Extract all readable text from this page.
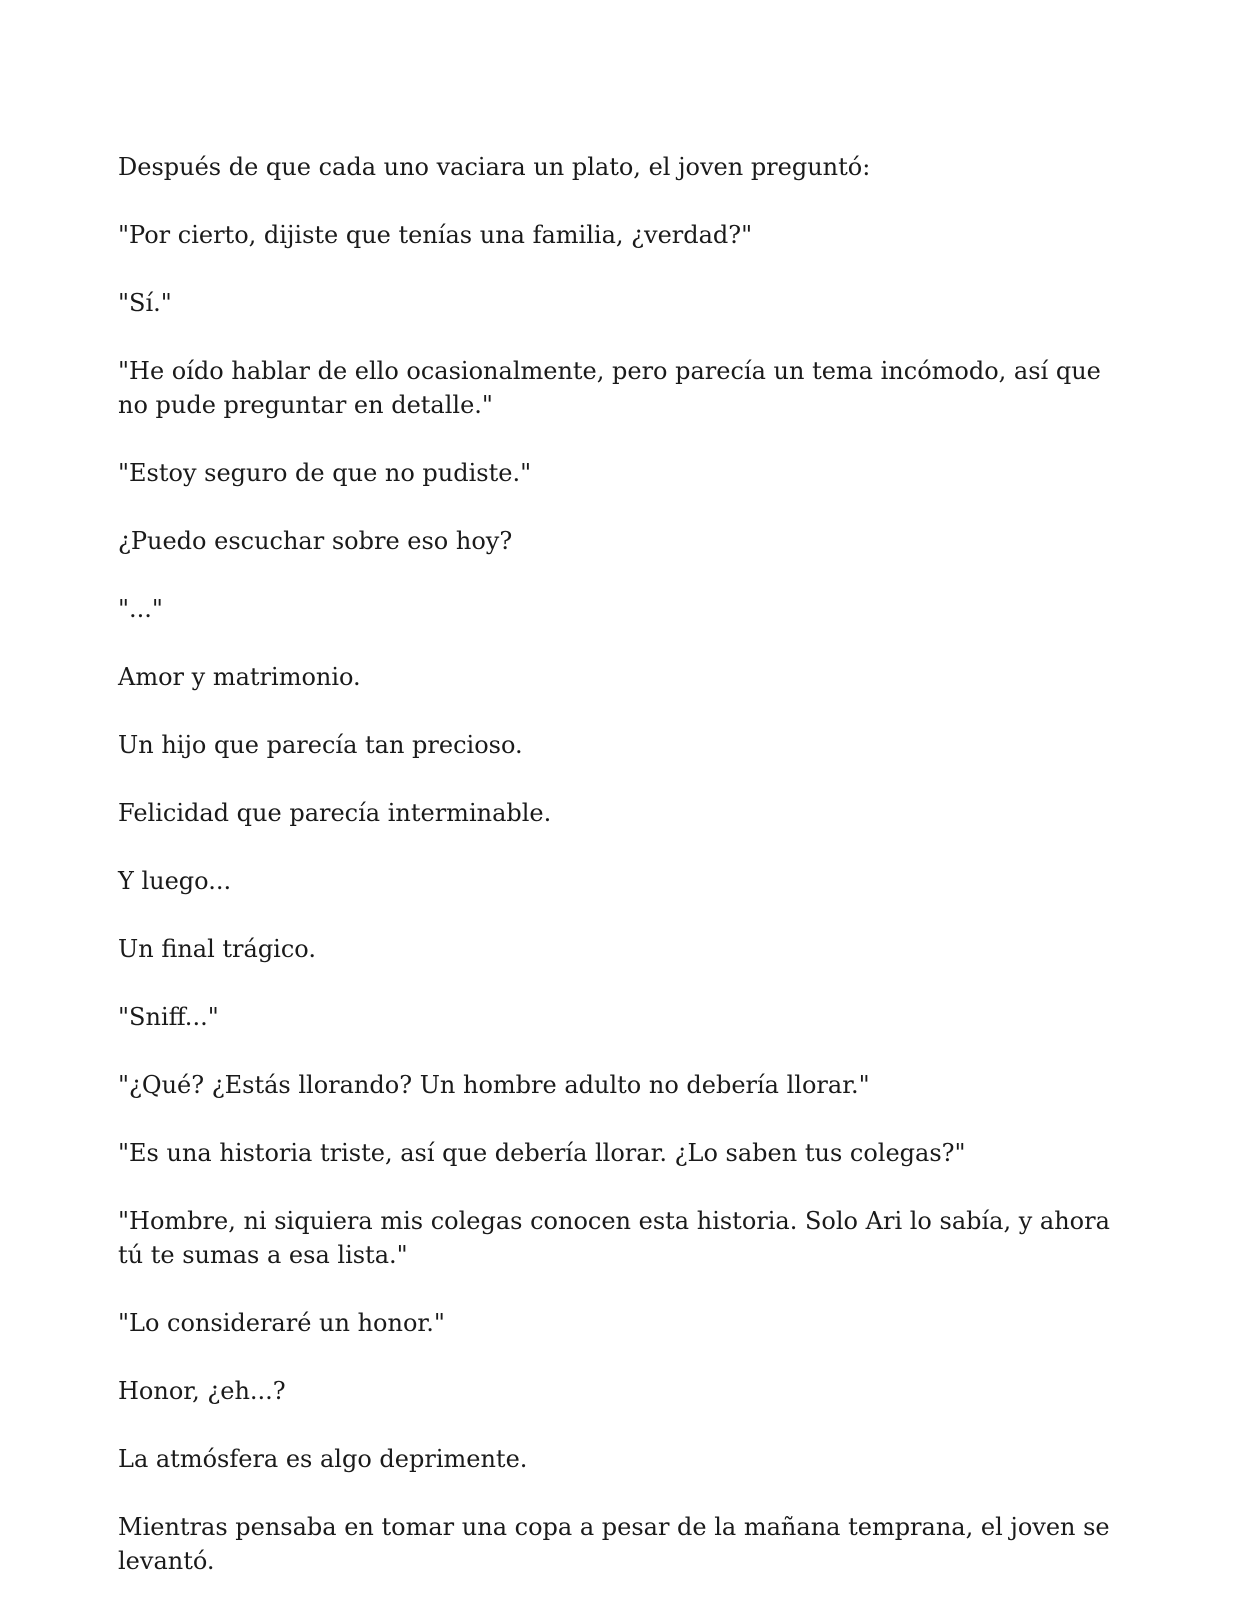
Después de que cada uno vaciara un plato, el joven preguntó:

"Por cierto, dijiste que tenías una familia, ¿verdad?"

"Sí."

"He oído hablar de ello ocasionalmente, pero parecía un tema incómodo, así que no pude preguntar en detalle."

"Estoy seguro de que no pudiste."

¿Puedo escuchar sobre eso hoy?

"..."

Amor y matrimonio.

Un hijo que parecía tan precioso.

Felicidad que parecía interminable.

Y luego...

Un final trágico.

"Sniff..."

"¿Qué? ¿Estás llorando? Un hombre adulto no debería llorar."

"Es una historia triste, así que debería llorar. ¿Lo saben tus colegas?"

"Hombre, ni siquiera mis colegas conocen esta historia. Solo Ari lo sabía, y ahora tú te sumas a esa lista."

"Lo consideraré un honor."

Honor, ¿eh...?

La atmósfera es algo deprimente.

Mientras pensaba en tomar una copa a pesar de la mañana temprana, el joven se levantó.
